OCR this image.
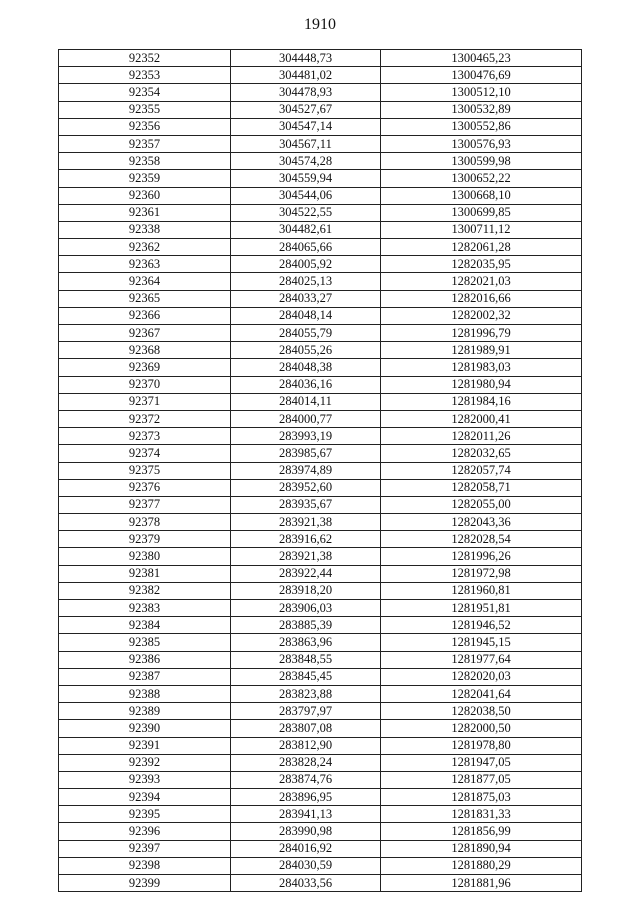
1910
92352	304448,73	1300465,23
92353	304481,02	1300476,69
92354	304478,93	1300512,10
92355	304527,67	1300532,89
92356	304547,14	1300552,86
92357	304567,11	1300576,93
92358	304574,28	1300599,98
92359	304559,94	1300652,22
92360	304544,06	1300668,10
92361	304522,55	1300699,85
92338	304482,61	1300711,12
92362	284065,66	1282061,28
92363	284005,92	1282035,95
92364	284025,13	1282021,03
92365	284033,27	1282016,66
92366	284048,14	1282002,32
92367	284055,79	1281996,79
92368	284055,26	1281989,91
92369	284048,38	1281983,03
92370	284036,16	1281980,94
92371	284014,11	1281984,16
92372	284000,77	1282000,41
92373	283993,19	1282011,26
92374	283985,67	1282032,65
92375	283974,89	1282057,74
92376	283952,60	1282058,71
92377	283935,67	1282055,00
92378	283921,38	1282043,36
92379	283916,62	1282028,54
92380	283921,38	1281996,26
92381	283922,44	1281972,98
92382	283918,20	1281960,81
92383	283906,03	1281951,81
92384	283885,39	1281946,52
92385	283863,96	1281945,15
92386	283848,55	1281977,64
92387	283845,45	1282020,03
92388	283823,88	1282041,64
92389	283797,97	1282038,50
92390	283807,08	1282000,50
92391	283812,90	1281978,80
92392	283828,24	1281947,05
92393	283874,76	1281877,05
92394	283896,95	1281875,03
92395	283941,13	1281831,33
92396	283990,98	1281856,99
92397	284016,92	1281890,94
92398	284030,59	1281880,29
92399	284033,56	1281881,96
